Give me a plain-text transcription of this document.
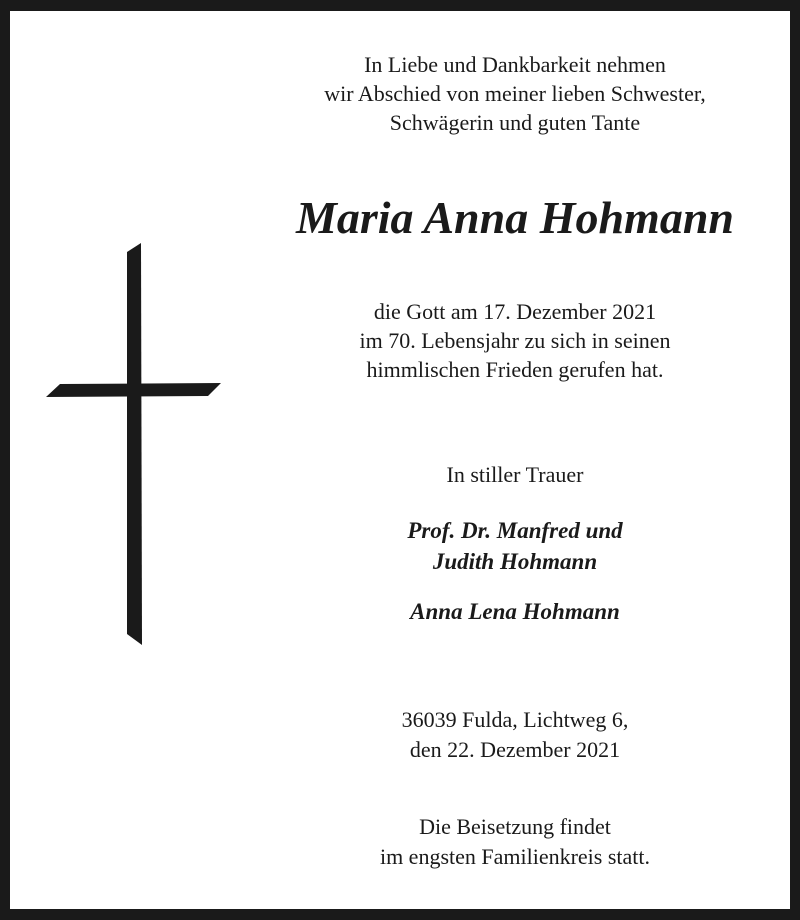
In Liebe und Dankbarkeit nehmen
wir Abschied von meiner lieben Schwester,
Schwägerin und guten Tante
Maria Anna Hohmann
die Gott am 17. Dezember 2021
im 70. Lebensjahr zu sich in seinen
himmlischen Frieden gerufen hat.
In stiller Trauer
Prof. Dr. Manfred und
Judith Hohmann
Anna Lena Hohmann
36039 Fulda, Lichtweg 6,
den 22. Dezember 2021
Die Beisetzung findet
im engsten Familienkreis statt.
